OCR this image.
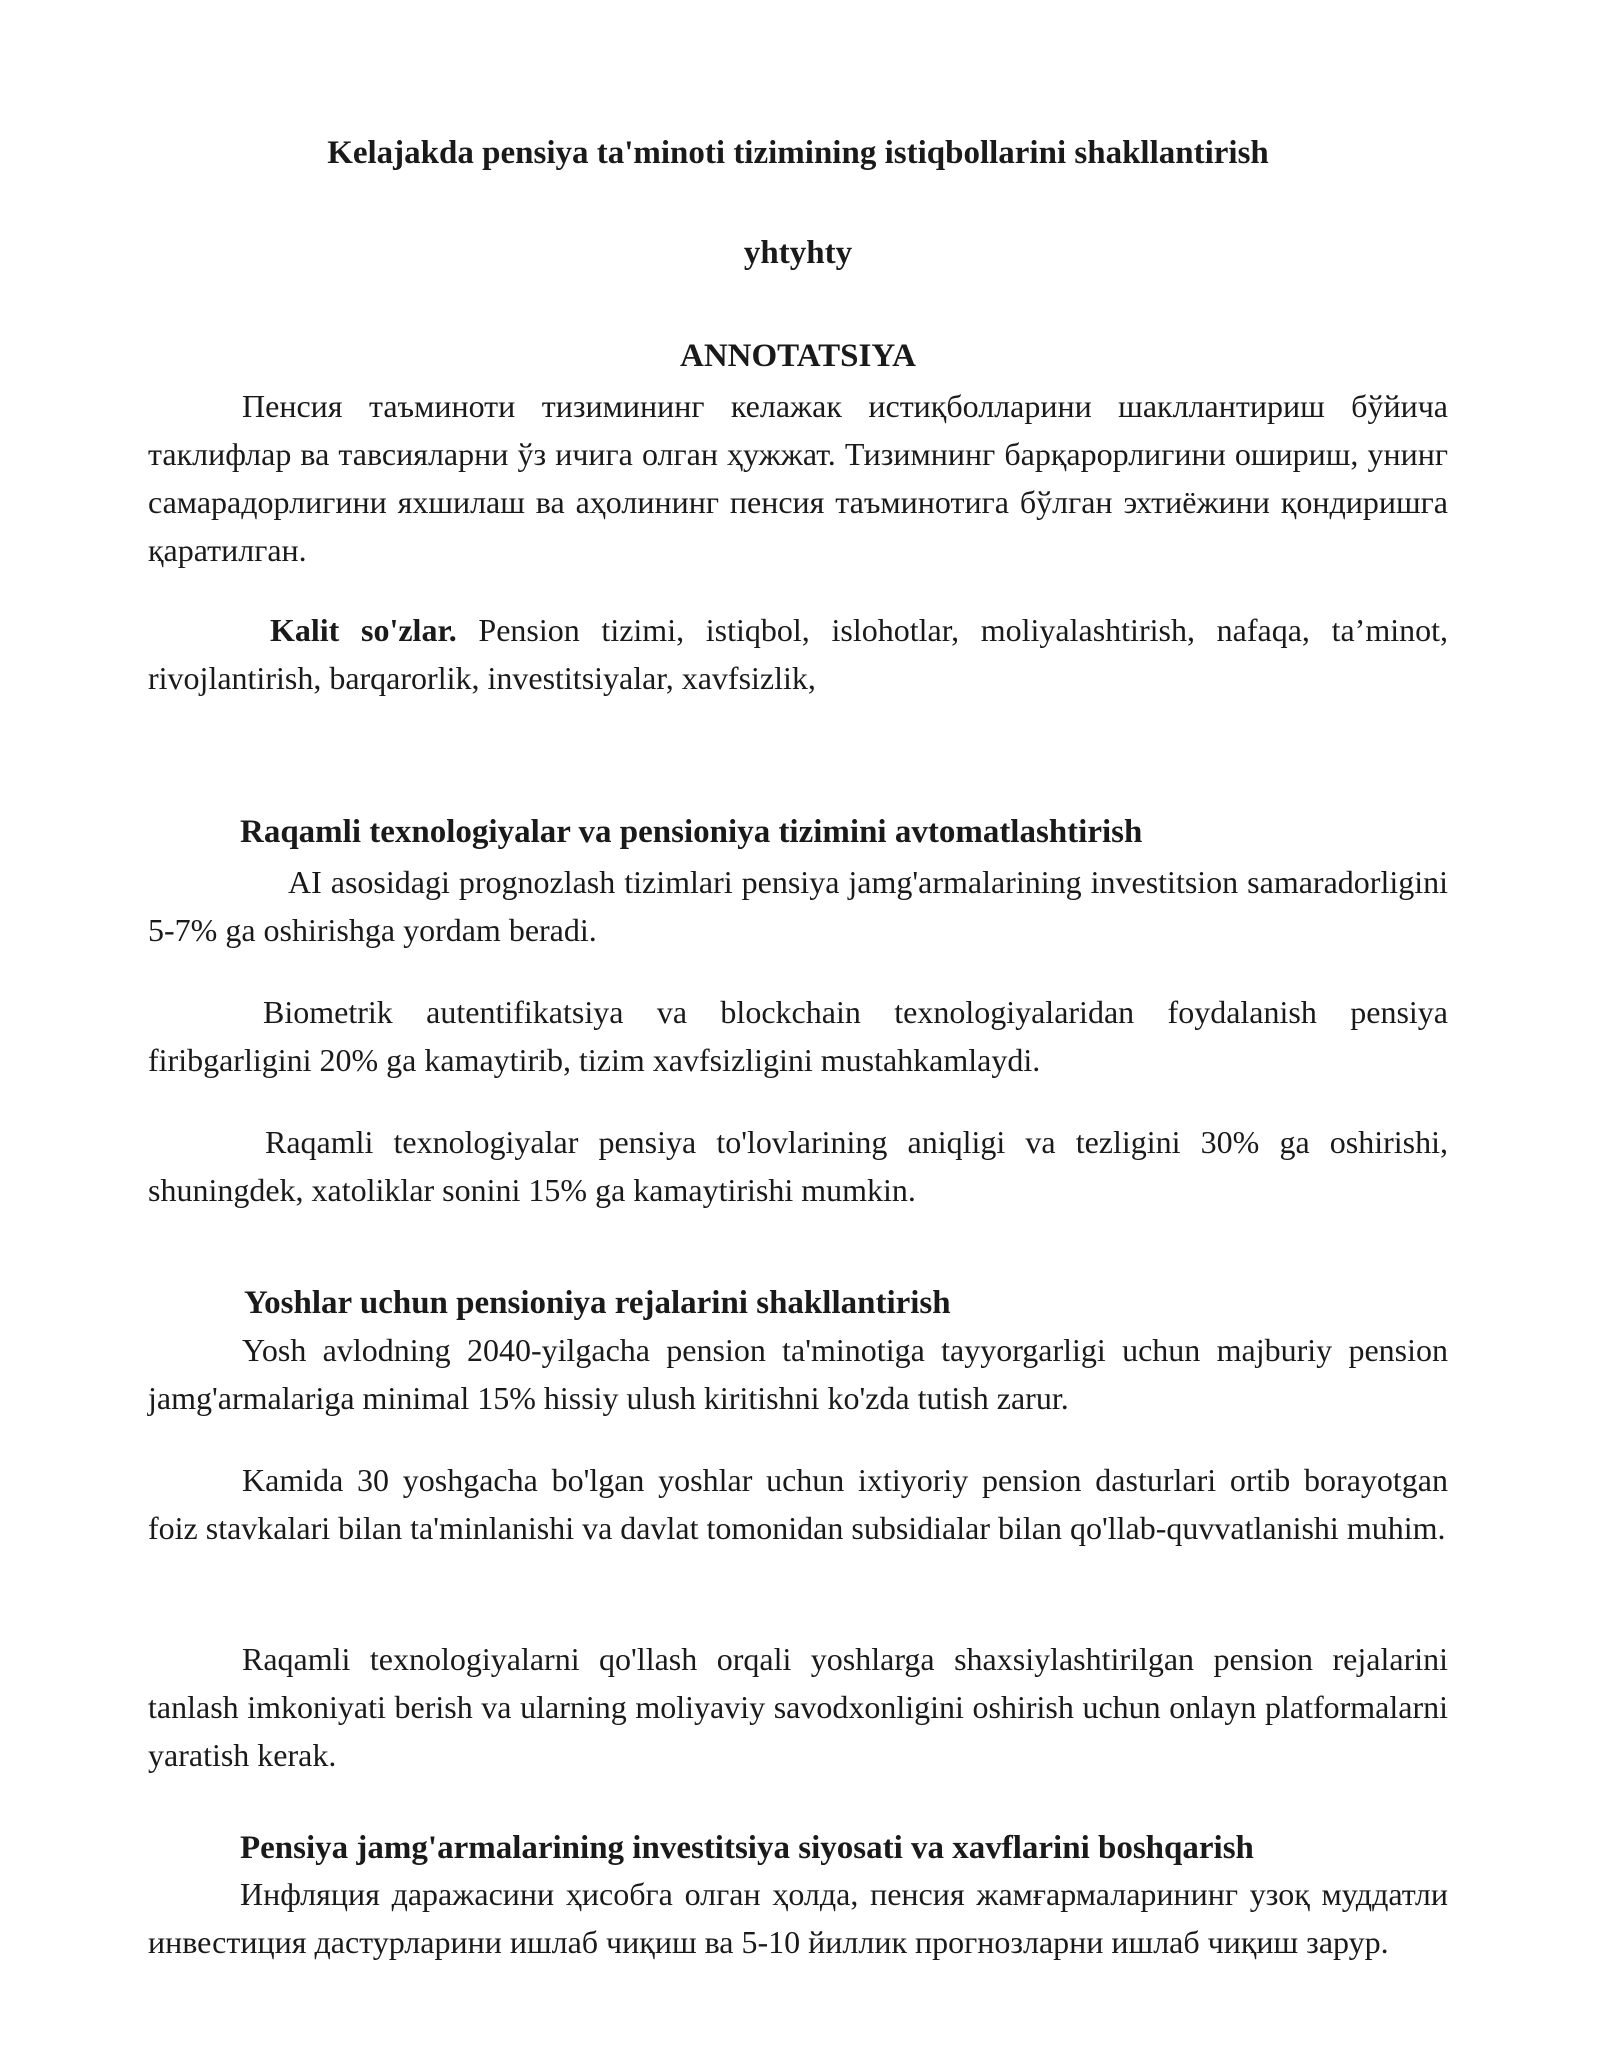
Kelajakda pensiya ta'minoti tizimining istiqbollarini shakllantirish
yhtyhty
ANNOTATSIYA

Пенсия таъминоти тизимининг келажак истиқболларини шакллантириш бўйича таклифлар ва тавсияларни ўз ичига олган ҳужжат. Тизимнинг барқарорлигини ошириш, унинг самарадорлигини яхшилаш ва аҳолининг пенсия таъминотига бўлган эхтиёжини қондиришга қаратилган.

Kalit so'zlar. Pension tizimi, istiqbol, islohotlar, moliyalashtirish, nafaqa, ta’minot, rivojlantirish, barqarorlik, investitsiyalar, xavfsizlik,

Raqamli texnologiyalar va pensioniya tizimini avtomatlashtirish

AI asosidagi prognozlash tizimlari pensiya jamg'armalarining investitsion samaradorligini 5-7% ga oshirishga yordam beradi.

Biometrik autentifikatsiya va blockchain texnologiyalaridan foydalanish pensiya firibgarligini 20% ga kamaytirib, tizim xavfsizligini mustahkamlaydi.

Raqamli texnologiyalar pensiya to'lovlarining aniqligi va tezligini 30% ga oshirishi, shuningdek, xatoliklar sonini 15% ga kamaytirishi mumkin.

Yoshlar uchun pensioniya rejalarini shakllantirish

Yosh avlodning 2040-yilgacha pension ta'minotiga tayyorgarligi uchun majburiy pension jamg'armalariga minimal 15% hissiy ulush kiritishni ko'zda tutish zarur.

Kamida 30 yoshgacha bo'lgan yoshlar uchun ixtiyoriy pension dasturlari ortib borayotgan foiz stavkalari bilan ta'minlanishi va davlat tomonidan subsidialar bilan qo'llab-quvvatlanishi muhim.

Raqamli texnologiyalarni qo'llash orqali yoshlarga shaxsiylashtirilgan pension rejalarini tanlash imkoniyati berish va ularning moliyaviy savodxonligini oshirish uchun onlayn platformalarni yaratish kerak.

Pensiya jamg'armalarining investitsiya siyosati va xavflarini boshqarish

Инфляция даражасини ҳисобга олган ҳолда, пенсия жамғармаларининг узоқ муддатли инвестиция дастурларини ишлаб чиқиш ва 5-10 йиллик прогнозларни ишлаб чиқиш зарур.
